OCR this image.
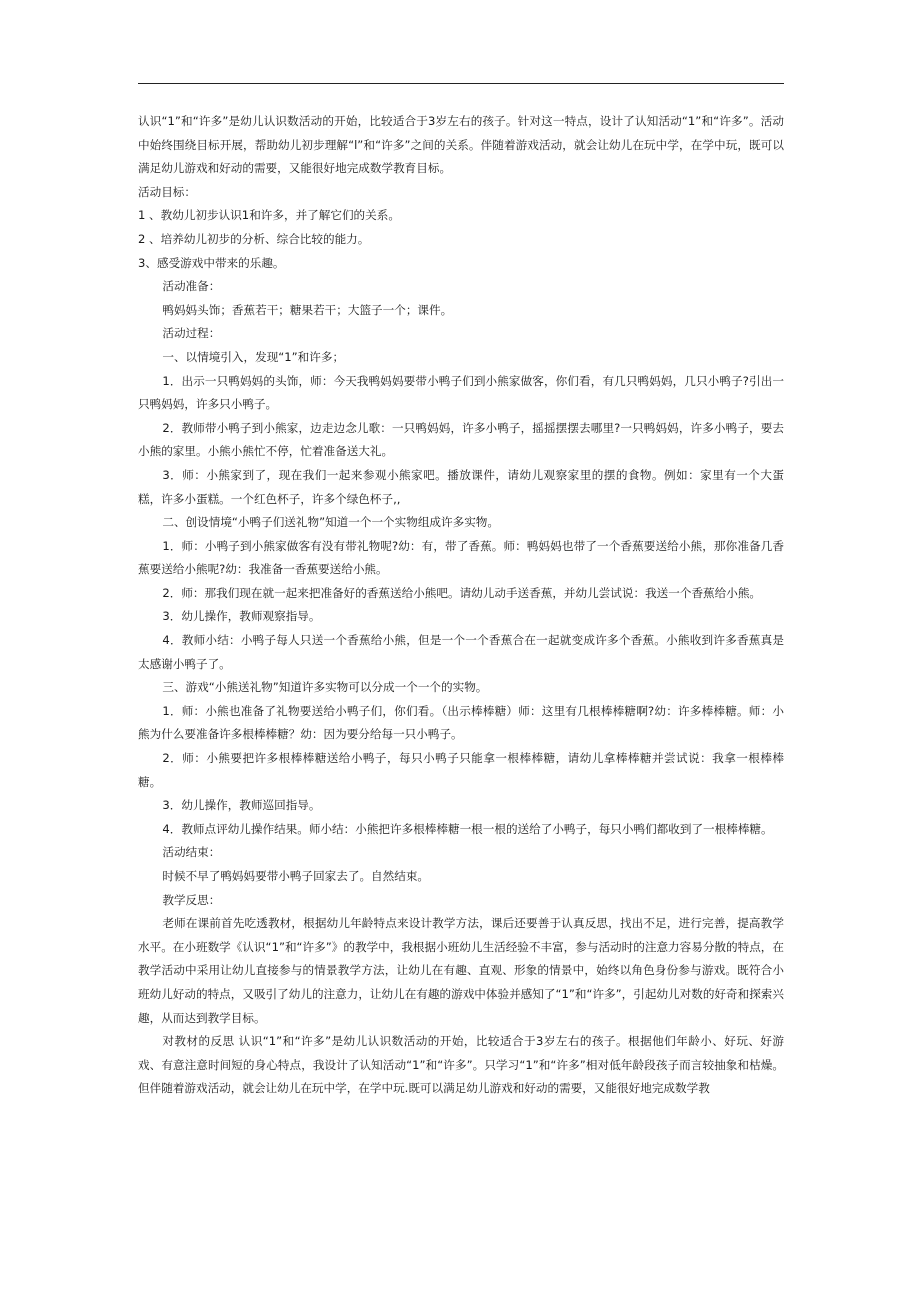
认识“1”和“许多”是幼儿认识数活动的开始，比较适合于3岁左右的孩子。针对这一特点，设计了认知活动“1”和“许多”。活动中始终围绕目标开展，帮助幼儿初步理解“l”和“许多”之间的关系。伴随着游戏活动，就会让幼儿在玩中学，在学中玩，既可以满足幼儿游戏和好动的需要，又能很好地完成数学教育目标。

活动目标：

1 、教幼儿初步认识1和许多，并了解它们的关系。

2 、培养幼儿初步的分析、综合比较的能力。

3、感受游戏中带来的乐趣。

活动准备：

鸭妈妈头饰；香蕉若干；糖果若干；大篮子一个；课件。

活动过程：

一、以情境引入，发现“1”和许多；

1．出示一只鸭妈妈的头饰，师：今天我鸭妈妈要带小鸭子们到小熊家做客，你们看，有几只鸭妈妈，几只小鸭子?引出一只鸭妈妈，许多只小鸭子。

2．教师带小鸭子到小熊家，边走边念儿歌：一只鸭妈妈，许多小鸭子，摇摇摆摆去哪里?一只鸭妈妈，许多小鸭子，要去小熊的家里。小熊小熊忙不停，忙着准备送大礼。

3．师：小熊家到了，现在我们一起来参观小熊家吧。播放课件，请幼儿观察家里的摆的食物。例如：家里有一个大蛋糕，许多小蛋糕。一个红色杯子，许多个绿色杯子,,

二、创设情境“小鸭子们送礼物”知道一个一个实物组成许多实物。

1．师：小鸭子到小熊家做客有没有带礼物呢?幼：有，带了香蕉。师：鸭妈妈也带了一个香蕉要送给小熊，那你准备几香蕉要送给小熊呢?幼：我准备一香蕉要送给小熊。

2．师：那我们现在就一起来把准备好的香蕉送给小熊吧。请幼儿动手送香蕉，并幼儿尝试说：我送一个香蕉给小熊。

3．幼儿操作，教师观察指导。

4．教师小结：小鸭子每人只送一个香蕉给小熊，但是一个一个香蕉合在一起就变成许多个香蕉。小熊收到许多香蕉真是太感谢小鸭子了。

三、游戏“小熊送礼物”知道许多实物可以分成一个一个的实物。

1．师：小熊也准备了礼物要送给小鸭子们，你们看。（出示棒棒糖）师：这里有几根棒棒糖啊?幼：许多棒棒糖。师：小熊为什么要准备许多根棒棒糖？幼：因为要分给每一只小鸭子。

2．师：小熊要把许多根棒棒糖送给小鸭子，每只小鸭子只能拿一根棒棒糖，请幼儿拿棒棒糖并尝试说：我拿一根棒棒糖。

3．幼儿操作，教师巡回指导。

4．教师点评幼儿操作结果。师小结：小熊把许多根棒棒糖一根一根的送给了小鸭子，每只小鸭们都收到了一根棒棒糖。

活动结束：

时候不早了鸭妈妈要带小鸭子回家去了。自然结束。

教学反思：

老师在课前首先吃透教材，根据幼儿年龄特点来设计教学方法，课后还要善于认真反思，找出不足，进行完善，提高教学水平。在小班数学《认识“1”和“许多”》的教学中，我根据小班幼儿生活经验不丰富，参与活动时的注意力容易分散的特点，在教学活动中采用让幼儿直接参与的情景教学方法，让幼儿在有趣、直观、形象的情景中，始终以角色身份参与游戏。既符合小班幼儿好动的特点，又吸引了幼儿的注意力，让幼儿在有趣的游戏中体验并感知了“1”和“许多”，引起幼儿对数的好奇和探索兴趣，从而达到教学目标。

对教材的反思 认识“1”和“许多”是幼儿认识数活动的开始，比较适合于3岁左右的孩子。根据他们年龄小、好玩、好游戏、有意注意时间短的身心特点，我设计了认知活动“1”和“许多”。只学习“1”和“许多”相对低年龄段孩子而言较抽象和枯燥。但伴随着游戏活动，就会让幼儿在玩中学，在学中玩.既可以满足幼儿游戏和好动的需要，又能很好地完成数学教
